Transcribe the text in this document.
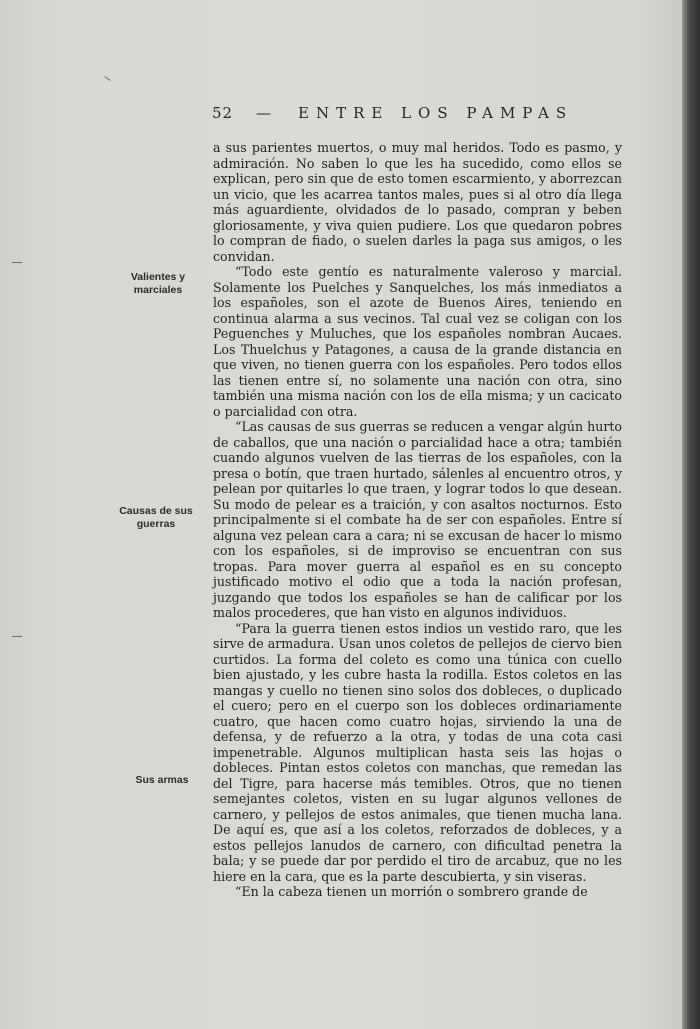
52 — ENTRE LOS PAMPAS
Valientes y
marciales
Causas de sus
guerras
Sus armas

a sus parientes muertos, o muy mal heridos. Todo es pasmo, y admiración. No saben lo que les ha sucedido, como ellos se explican, pero sin que de esto tomen escarmiento, y aborrezcan un vicio, que les acarrea tantos males, pues si al otro día llega más aguardiente, olvidados de lo pasado, compran y beben gloriosamente, y viva quien pudiere. Los que quedaron pobres lo compran de fiado, o suelen darles la paga sus amigos, o les convidan.

“Todo este gentío es naturalmente valeroso y marcial. Solamente los Puelches y Sanquelches, los más inmediatos a los españoles, son el azote de Buenos Aires, teniendo en continua alarma a sus vecinos. Tal cual vez se coligan con los Peguenches y Muluches, que los españoles nombran Aucaes. Los Thuelchus y Patagones, a causa de la grande distancia en que viven, no tienen guerra con los españoles. Pero todos ellos las tienen entre sí, no solamente una nación con otra, sino también una misma nación con los de ella misma; y un cacicato o parcialidad con otra.

“Las causas de sus guerras se reducen a vengar algún hurto de caballos, que una nación o parcialidad hace a otra; también cuando algunos vuelven de las tierras de los españoles, con la presa o botín, que traen hurtado, sálenles al encuentro otros, y pelean por quitarles lo que traen, y lograr todos lo que desean. Su modo de pelear es a traición, y con asaltos nocturnos. Esto principalmente si el combate ha de ser con españoles. Entre sí alguna vez pelean cara a cara; ni se excusan de hacer lo mismo con los españoles, si de improviso se encuentran con sus tropas. Para mover guerra al español es en su concepto justificado motivo el odio que a toda la nación profesan, juzgando que todos los españoles se han de calificar por los malos procederes, que han visto en algunos individuos.

“Para la guerra tienen estos indios un vestido raro, que les sirve de armadura. Usan unos coletos de pellejos de ciervo bien curtidos. La forma del coleto es como una túnica con cuello bien ajustado, y les cubre hasta la rodilla. Estos coletos en las mangas y cuello no tienen sino solos dos dobleces, o duplicado el cuero; pero en el cuerpo son los dobleces ordinariamente cuatro, que hacen como cuatro hojas, sirviendo la una de defensa, y de refuerzo a la otra, y todas de una cota casi impenetrable. Algunos multiplican hasta seis las hojas o dobleces. Pintan estos coletos con manchas, que remedan las del Tigre, para hacerse más temibles. Otros, que no tienen semejantes coletos, visten en su lugar algunos vellones de carnero, y pellejos de estos animales, que tienen mucha lana. De aquí es, que así a los coletos, reforzados de dobleces, y a estos pellejos lanudos de carnero, con dificultad penetra la bala; y se puede dar por perdido el tiro de arcabuz, que no les hiere en la cara, que es la parte descubierta, y sin viseras.

“En la cabeza tienen un morrión o sombrero grande de
